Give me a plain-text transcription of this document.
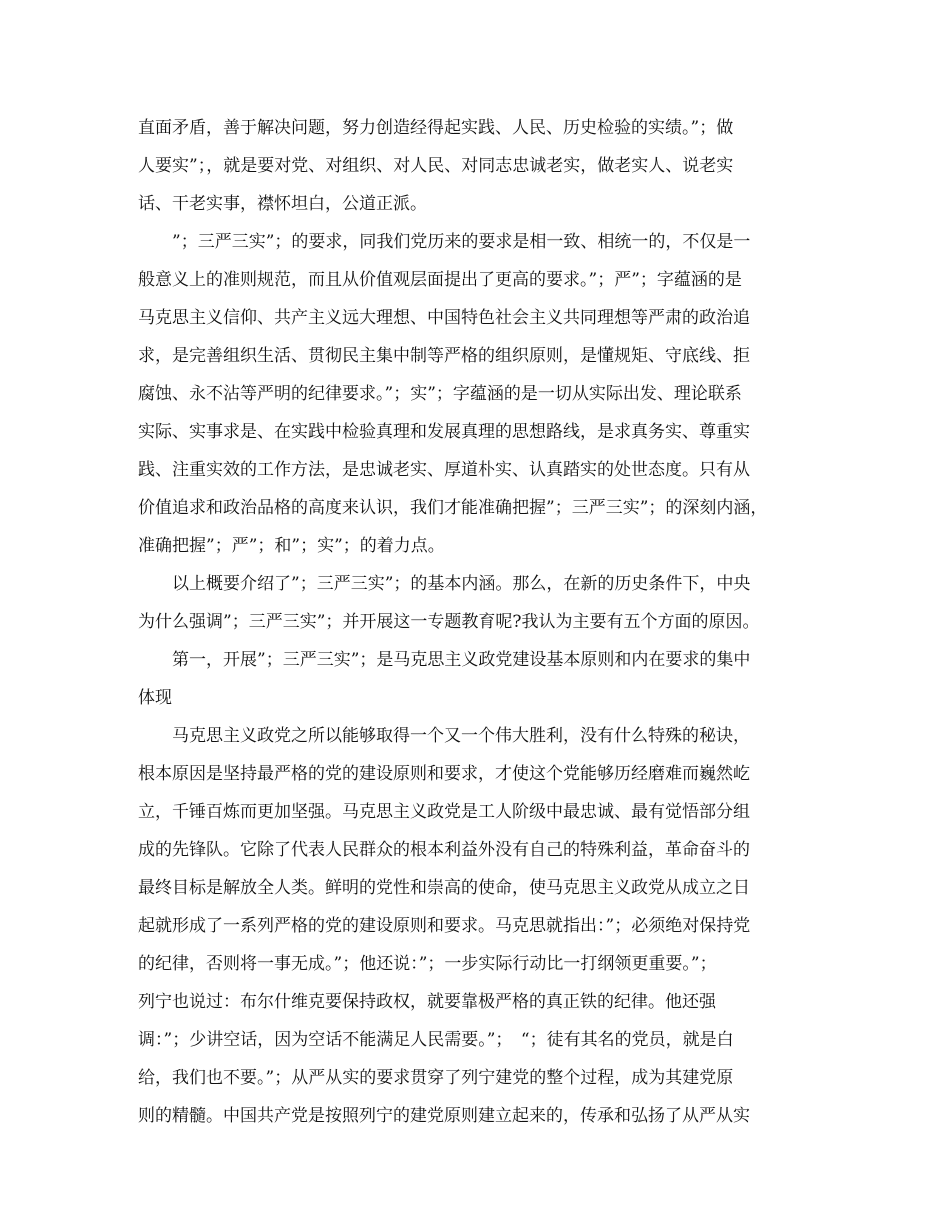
直面矛盾，善于解决问题，努力创造经得起实践、人民、历史检验的实绩。”；做
人要实”；，就是要对党、对组织、对人民、对同志忠诚老实，做老实人、说老实
话、干老实事，襟怀坦白，公道正派。
”；三严三实”；的要求，同我们党历来的要求是相一致、相统一的，不仅是一
般意义上的准则规范，而且从价值观层面提出了更高的要求。”；严”；字蕴涵的是
马克思主义信仰、共产主义远大理想、中国特色社会主义共同理想等严肃的政治追
求，是完善组织生活、贯彻民主集中制等严格的组织原则，是懂规矩、守底线、拒
腐蚀、永不沾等严明的纪律要求。”；实”；字蕴涵的是一切从实际出发、理论联系
实际、实事求是、在实践中检验真理和发展真理的思想路线，是求真务实、尊重实
践、注重实效的工作方法，是忠诚老实、厚道朴实、认真踏实的处世态度。只有从
价值追求和政治品格的高度来认识，我们才能准确把握”；三严三实”；的深刻内涵，
准确把握”；严”；和”；实”；的着力点。
以上概要介绍了”；三严三实”；的基本内涵。那么，在新的历史条件下，中央
为什么强调”；三严三实”；并开展这一专题教育呢?我认为主要有五个方面的原因。
第一，开展”；三严三实”；是马克思主义政党建设基本原则和内在要求的集中
体现
马克思主义政党之所以能够取得一个又一个伟大胜利，没有什么特殊的秘诀，
根本原因是坚持最严格的党的建设原则和要求，才使这个党能够历经磨难而巍然屹
立，千锤百炼而更加坚强。马克思主义政党是工人阶级中最忠诚、最有觉悟部分组
成的先锋队。它除了代表人民群众的根本利益外没有自己的特殊利益，革命奋斗的
最终目标是解放全人类。鲜明的党性和崇高的使命，使马克思主义政党从成立之日
起就形成了一系列严格的党的建设原则和要求。马克思就指出：”；必须绝对保持党
的纪律，否则将一事无成。”；他还说：”；一步实际行动比一打纲领更重要。”；
列宁也说过：布尔什维克要保持政权，就要靠极严格的真正铁的纪律。他还强
调：”；少讲空话，因为空话不能满足人民需要。”；　“；徒有其名的党员，就是白
给，我们也不要。”；从严从实的要求贯穿了列宁建党的整个过程，成为其建党原
则的精髓。中国共产党是按照列宁的建党原则建立起来的，传承和弘扬了从严从实
